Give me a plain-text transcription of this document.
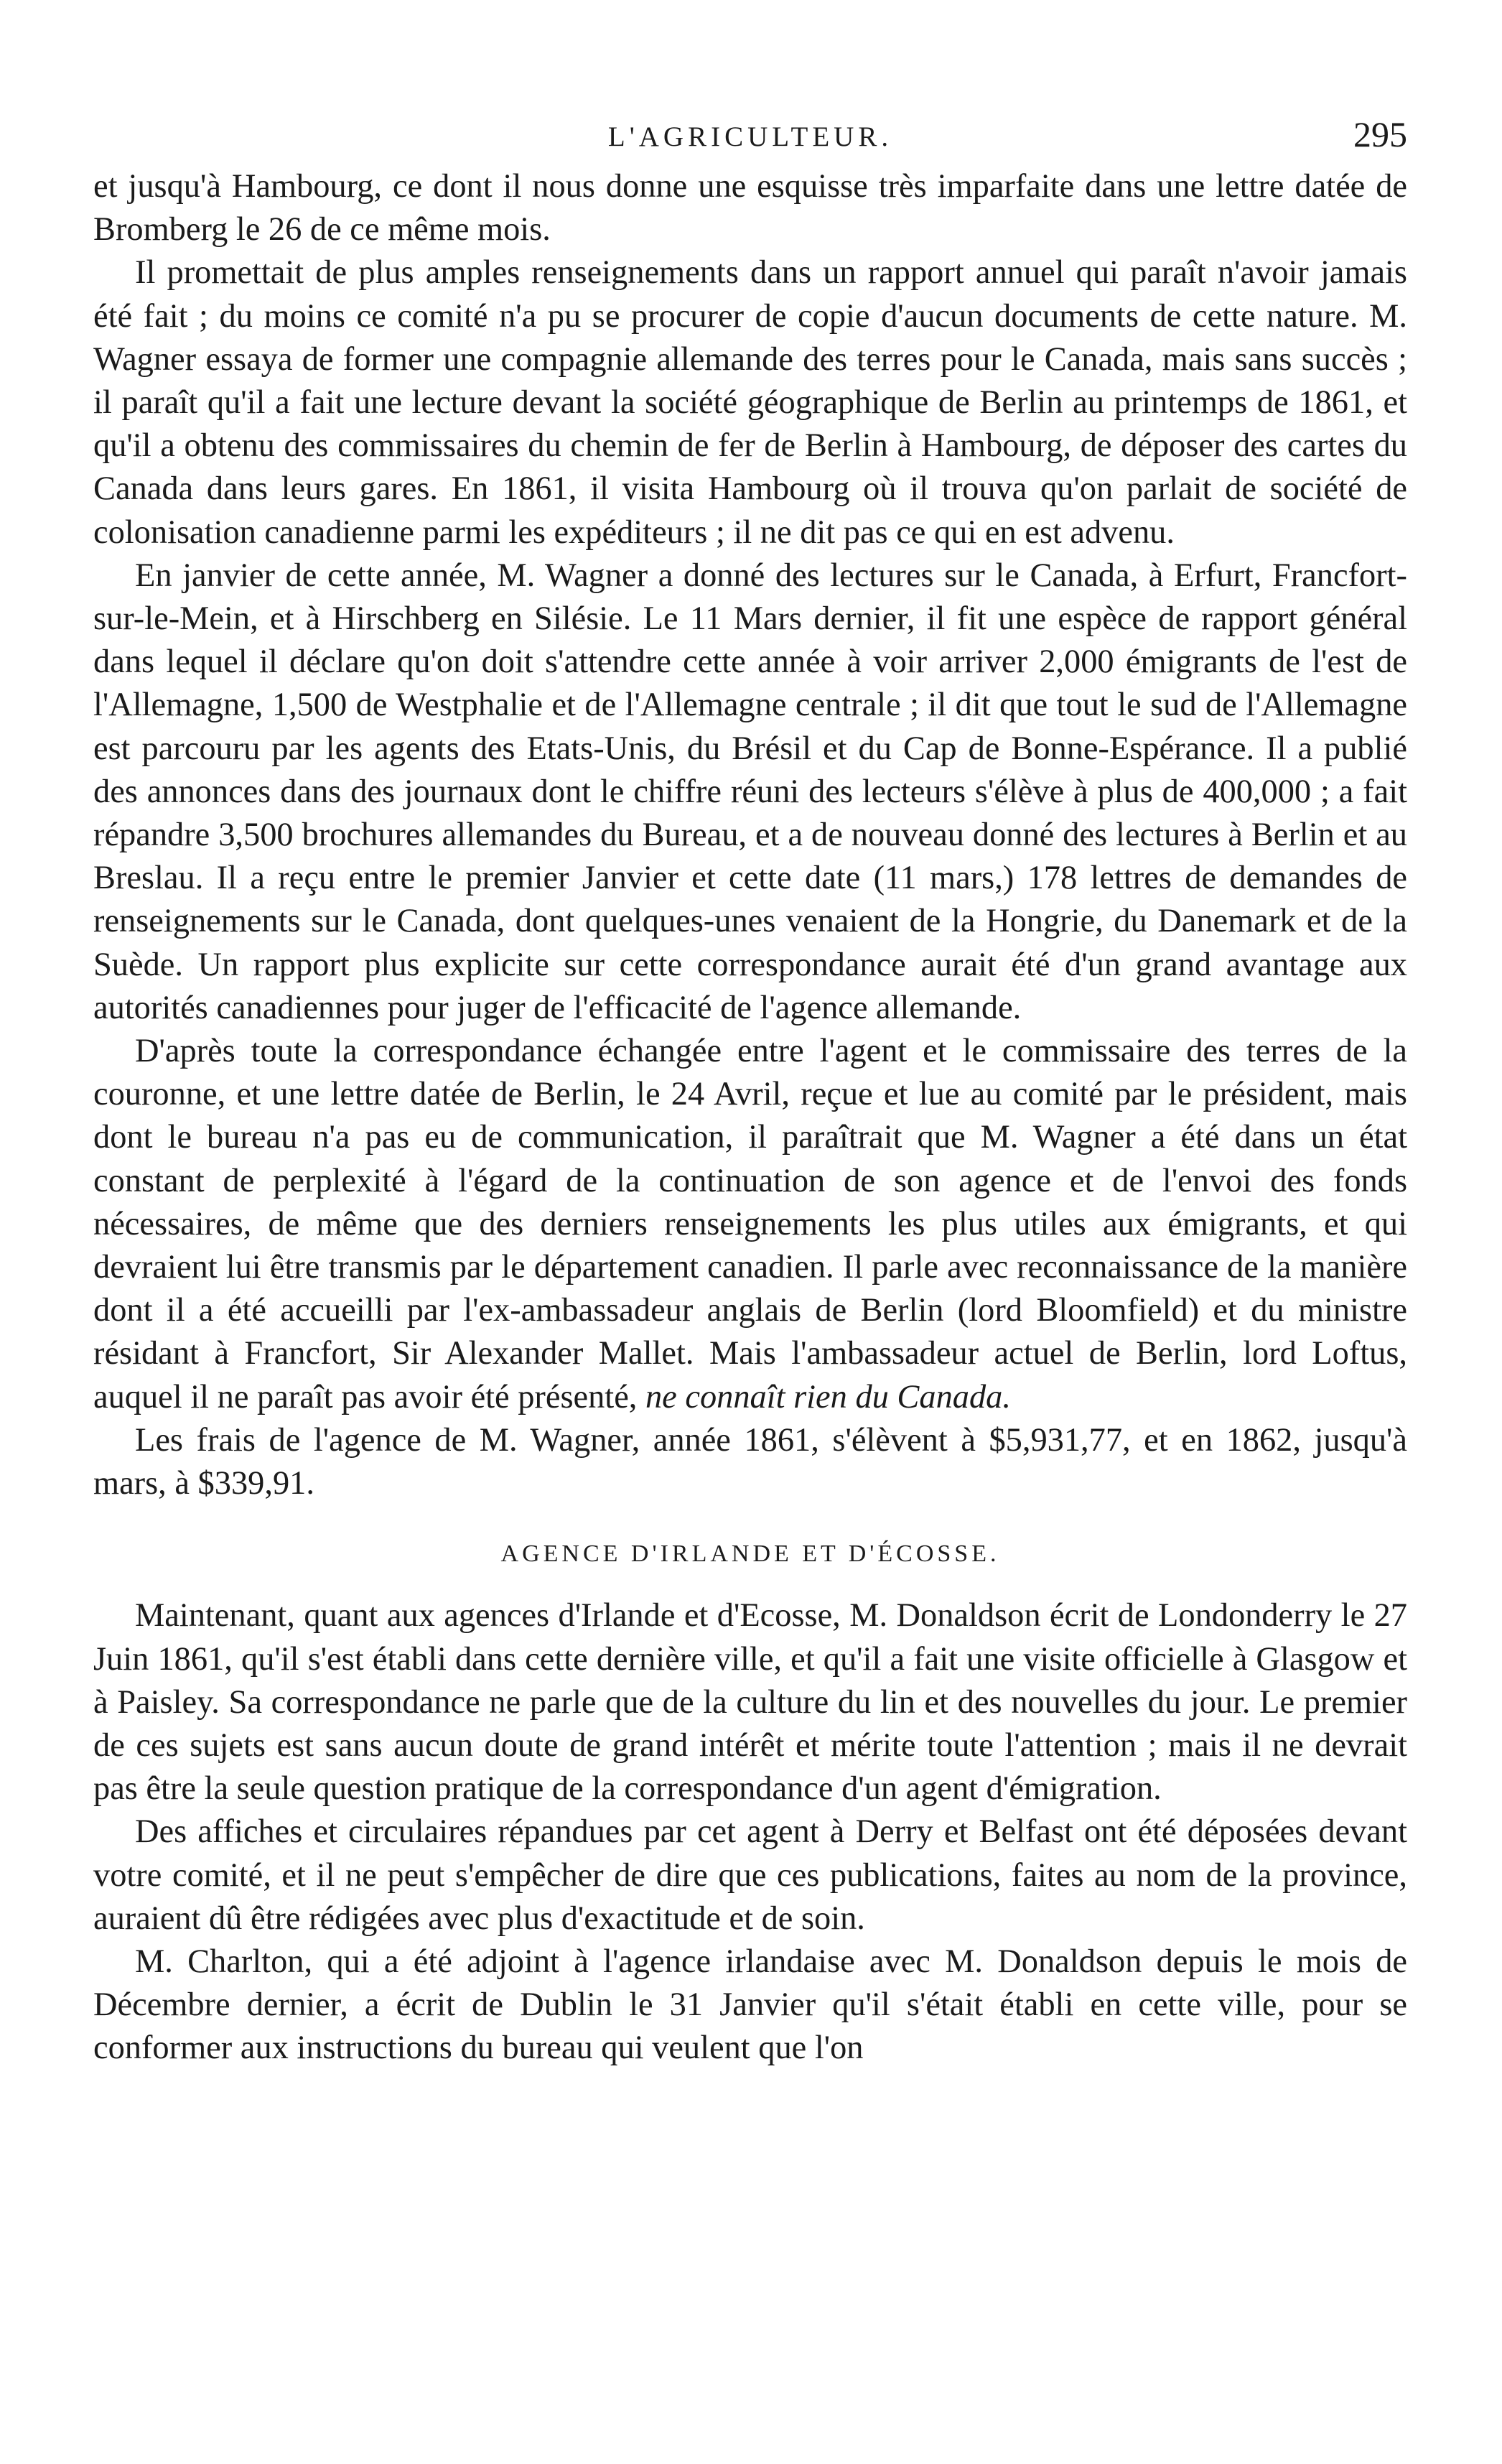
L'AGRICULTEUR.	295

et jusqu'à Hambourg, ce dont il nous donne une esquisse très imparfaite dans une lettre datée de Bromberg le 26 de ce même mois.

Il promettait de plus amples renseignements dans un rapport annuel qui paraît n'avoir jamais été fait ; du moins ce comité n'a pu se procurer de copie d'aucun documents de cette nature. M. Wagner essaya de former une compagnie allemande des terres pour le Canada, mais sans succès ; il paraît qu'il a fait une lecture devant la société géographique de Berlin au printemps de 1861, et qu'il a obtenu des commissaires du chemin de fer de Berlin à Hambourg, de déposer des cartes du Canada dans leurs gares. En 1861, il visita Hambourg où il trouva qu'on parlait de société de colonisation canadienne parmi les expéditeurs ; il ne dit pas ce qui en est advenu.

En janvier de cette année, M. Wagner a donné des lectures sur le Canada, à Erfurt, Francfort-sur-le-Mein, et à Hirschberg en Silésie. Le 11 Mars dernier, il fit une espèce de rapport général dans lequel il déclare qu'on doit s'attendre cette année à voir arriver 2,000 émigrants de l'est de l'Allemagne, 1,500 de Westphalie et de l'Allemagne centrale ; il dit que tout le sud de l'Allemagne est parcouru par les agents des Etats-Unis, du Brésil et du Cap de Bonne-Espérance. Il a publié des annonces dans des journaux dont le chiffre réuni des lecteurs s'élève à plus de 400,000 ; a fait répandre 3,500 brochures allemandes du Bureau, et a de nouveau donné des lectures à Berlin et au Breslau. Il a reçu entre le premier Janvier et cette date (11 mars,) 178 lettres de demandes de renseignements sur le Canada, dont quelques-unes venaient de la Hongrie, du Danemark et de la Suède. Un rapport plus explicite sur cette correspondance aurait été d'un grand avantage aux autorités canadiennes pour juger de l'efficacité de l'agence allemande.

D'après toute la correspondance échangée entre l'agent et le commissaire des terres de la couronne, et une lettre datée de Berlin, le 24 Avril, reçue et lue au comité par le président, mais dont le bureau n'a pas eu de communication, il paraîtrait que M. Wagner a été dans un état constant de perplexité à l'égard de la continuation de son agence et de l'envoi des fonds nécessaires, de même que des derniers renseignements les plus utiles aux émigrants, et qui devraient lui être transmis par le département canadien. Il parle avec reconnaissance de la manière dont il a été accueilli par l'ex-ambassadeur anglais de Berlin (lord Bloomfield) et du ministre résidant à Francfort, Sir Alexander Mallet. Mais l'ambassadeur actuel de Berlin, lord Loftus, auquel il ne paraît pas avoir été présenté, ne connaît rien du Canada.

Les frais de l'agence de M. Wagner, année 1861, s'élèvent à $5,931,77, et en 1862, jusqu'à mars, à $339,91.

AGENCE D'IRLANDE ET D'ÉCOSSE.

Maintenant, quant aux agences d'Irlande et d'Ecosse, M. Donaldson écrit de Londonderry le 27 Juin 1861, qu'il s'est établi dans cette dernière ville, et qu'il a fait une visite officielle à Glasgow et à Paisley. Sa correspondance ne parle que de la culture du lin et des nouvelles du jour. Le premier de ces sujets est sans aucun doute de grand intérêt et mérite toute l'attention ; mais il ne devrait pas être la seule question pratique de la correspondance d'un agent d'émigration.

Des affiches et circulaires répandues par cet agent à Derry et Belfast ont été déposées devant votre comité, et il ne peut s'empêcher de dire que ces publications, faites au nom de la province, auraient dû être rédigées avec plus d'exactitude et de soin.

M. Charlton, qui a été adjoint à l'agence irlandaise avec M. Donaldson depuis le mois de Décembre dernier, a écrit de Dublin le 31 Janvier qu'il s'était établi en cette ville, pour se conformer aux instructions du bureau qui veulent que l'on
